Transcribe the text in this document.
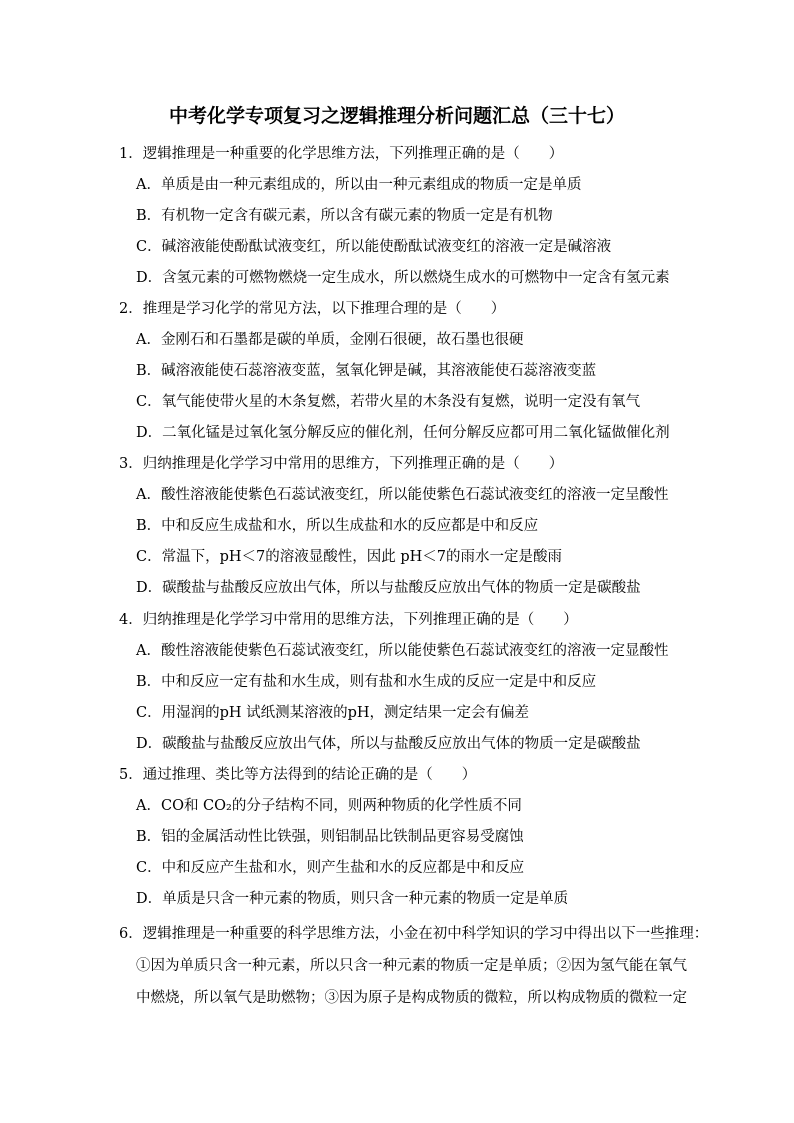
中考化学专项复习之逻辑推理分析问题汇总（三十七）
1．逻辑推理是一种重要的化学思维方法，下列推理正确的是（　　）
A．单质是由一种元素组成的，所以由一种元素组成的物质一定是单质
B．有机物一定含有碳元素，所以含有碳元素的物质一定是有机物
C．碱溶液能使酚酞试液变红，所以能使酚酞试液变红的溶液一定是碱溶液
D．含氢元素的可燃物燃烧一定生成水，所以燃烧生成水的可燃物中一定含有氢元素
2．推理是学习化学的常见方法，以下推理合理的是（　　）
A．金刚石和石墨都是碳的单质，金刚石很硬，故石墨也很硬
B．碱溶液能使石蕊溶液变蓝，氢氧化钾是碱，其溶液能使石蕊溶液变蓝
C．氧气能使带火星的木条复燃，若带火星的木条没有复燃，说明一定没有氧气
D．二氧化锰是过氧化氢分解反应的催化剂，任何分解反应都可用二氧化锰做催化剂
3．归纳推理是化学学习中常用的思维方，下列推理正确的是（　　）
A．酸性溶液能使紫色石蕊试液变红，所以能使紫色石蕊试液变红的溶液一定呈酸性
B．中和反应生成盐和水，所以生成盐和水的反应都是中和反应
C．常温下，pH＜7的溶液显酸性，因此 pH＜7的雨水一定是酸雨
D．碳酸盐与盐酸反应放出气体，所以与盐酸反应放出气体的物质一定是碳酸盐
4．归纳推理是化学学习中常用的思维方法，下列推理正确的是（　　）
A．酸性溶液能使紫色石蕊试液变红，所以能使紫色石蕊试液变红的溶液一定显酸性
B．中和反应一定有盐和水生成，则有盐和水生成的反应一定是中和反应
C．用湿润的pH 试纸测某溶液的pH，测定结果一定会有偏差
D．碳酸盐与盐酸反应放出气体，所以与盐酸反应放出气体的物质一定是碳酸盐
5．通过推理、类比等方法得到的结论正确的是（　　）
A．CO和 CO₂的分子结构不同，则两种物质的化学性质不同
B．铝的金属活动性比铁强，则铝制品比铁制品更容易受腐蚀
C．中和反应产生盐和水，则产生盐和水的反应都是中和反应
D．单质是只含一种元素的物质，则只含一种元素的物质一定是单质
6．逻辑推理是一种重要的科学思维方法，小金在初中科学知识的学习中得出以下一些推理：
①因为单质只含一种元素，所以只含一种元素的物质一定是单质；②因为氢气能在氧气
中燃烧，所以氧气是助燃物；③因为原子是构成物质的微粒，所以构成物质的微粒一定
